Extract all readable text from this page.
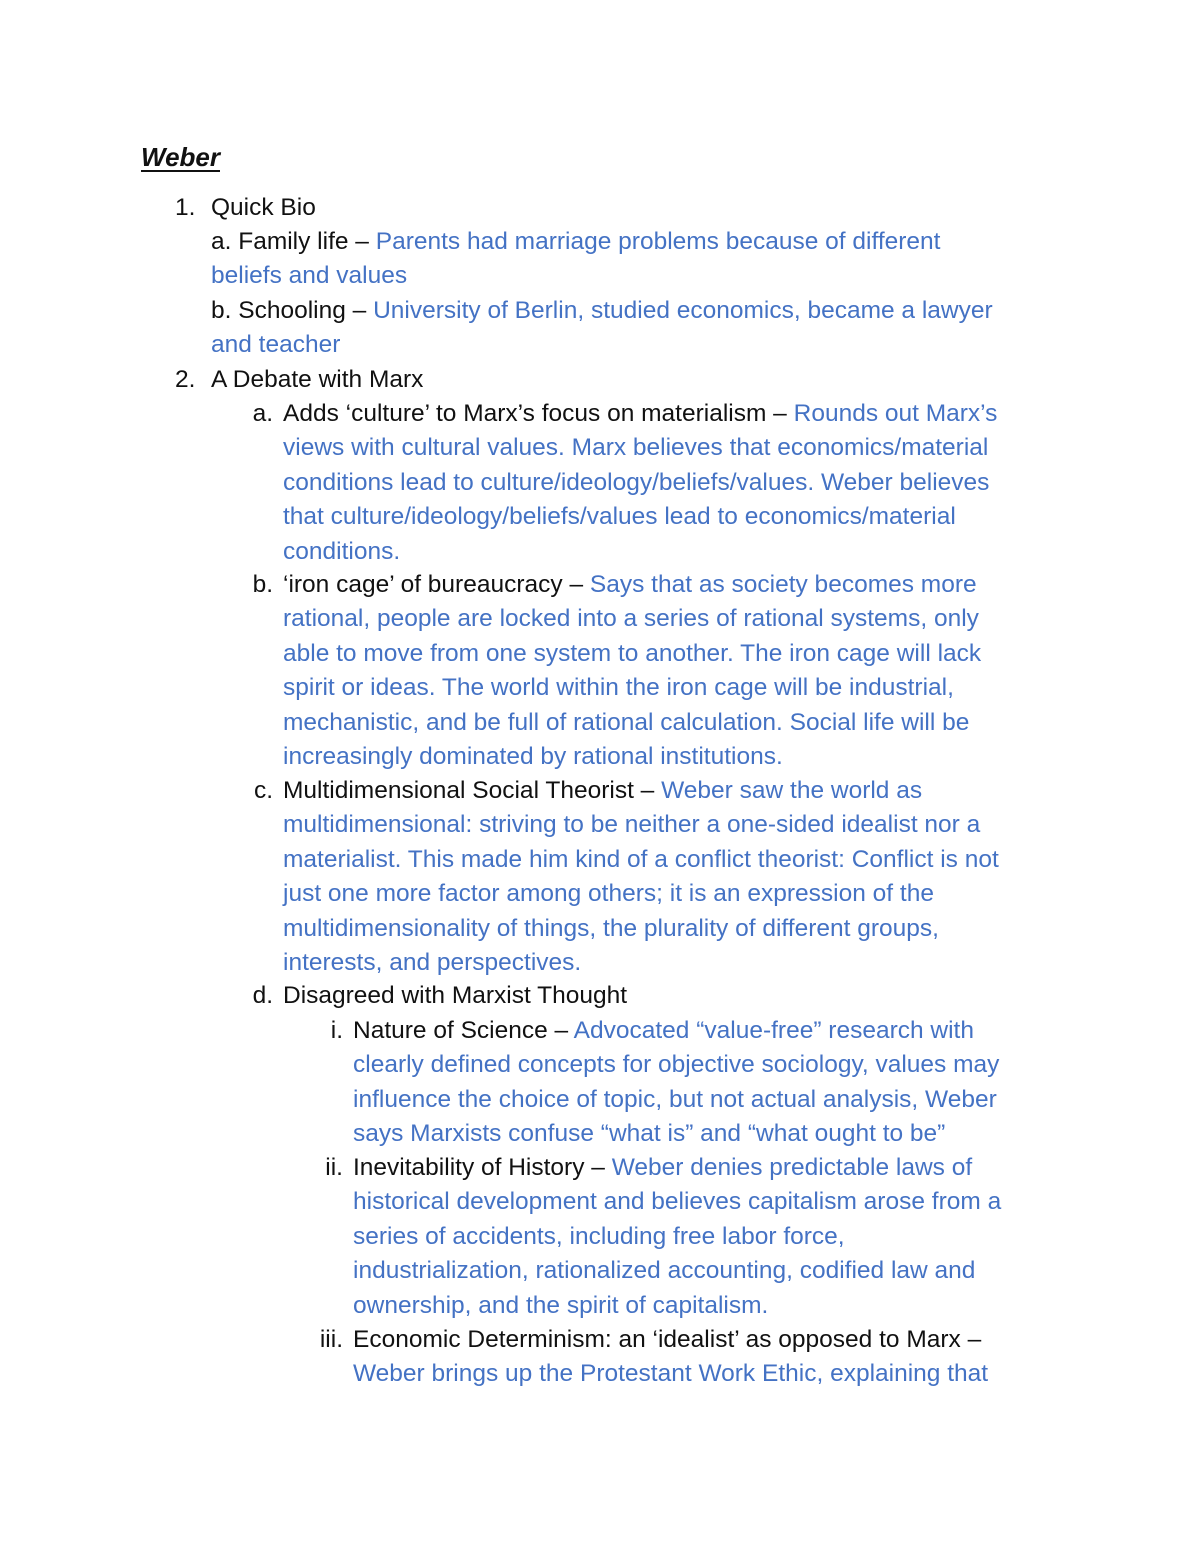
Weber
1. Quick Bio
a. Family life – Parents had marriage problems because of different
beliefs and values
b. Schooling – University of Berlin, studied economics, became a lawyer
and teacher
2. A Debate with Marx
a. Adds ‘culture’ to Marx’s focus on materialism – Rounds out Marx’s
views with cultural values. Marx believes that economics/material
conditions lead to culture/ideology/beliefs/values. Weber believes
that culture/ideology/beliefs/values lead to economics/material
conditions.
b. ‘iron cage’ of bureaucracy – Says that as society becomes more
rational, people are locked into a series of rational systems, only
able to move from one system to another. The iron cage will lack
spirit or ideas. The world within the iron cage will be industrial,
mechanistic, and be full of rational calculation. Social life will be
increasingly dominated by rational institutions.
c. Multidimensional Social Theorist – Weber saw the world as
multidimensional: striving to be neither a one-sided idealist nor a
materialist. This made him kind of a conflict theorist: Conflict is not
just one more factor among others; it is an expression of the
multidimensionality of things, the plurality of different groups,
interests, and perspectives.
d. Disagreed with Marxist Thought
i. Nature of Science – Advocated “value-free” research with
clearly defined concepts for objective sociology, values may
influence the choice of topic, but not actual analysis, Weber
says Marxists confuse “what is” and “what ought to be”
ii. Inevitability of History – Weber denies predictable laws of
historical development and believes capitalism arose from a
series of accidents, including free labor force,
industrialization, rationalized accounting, codified law and
ownership, and the spirit of capitalism.
iii. Economic Determinism: an ‘idealist’ as opposed to Marx –
Weber brings up the Protestant Work Ethic, explaining that
